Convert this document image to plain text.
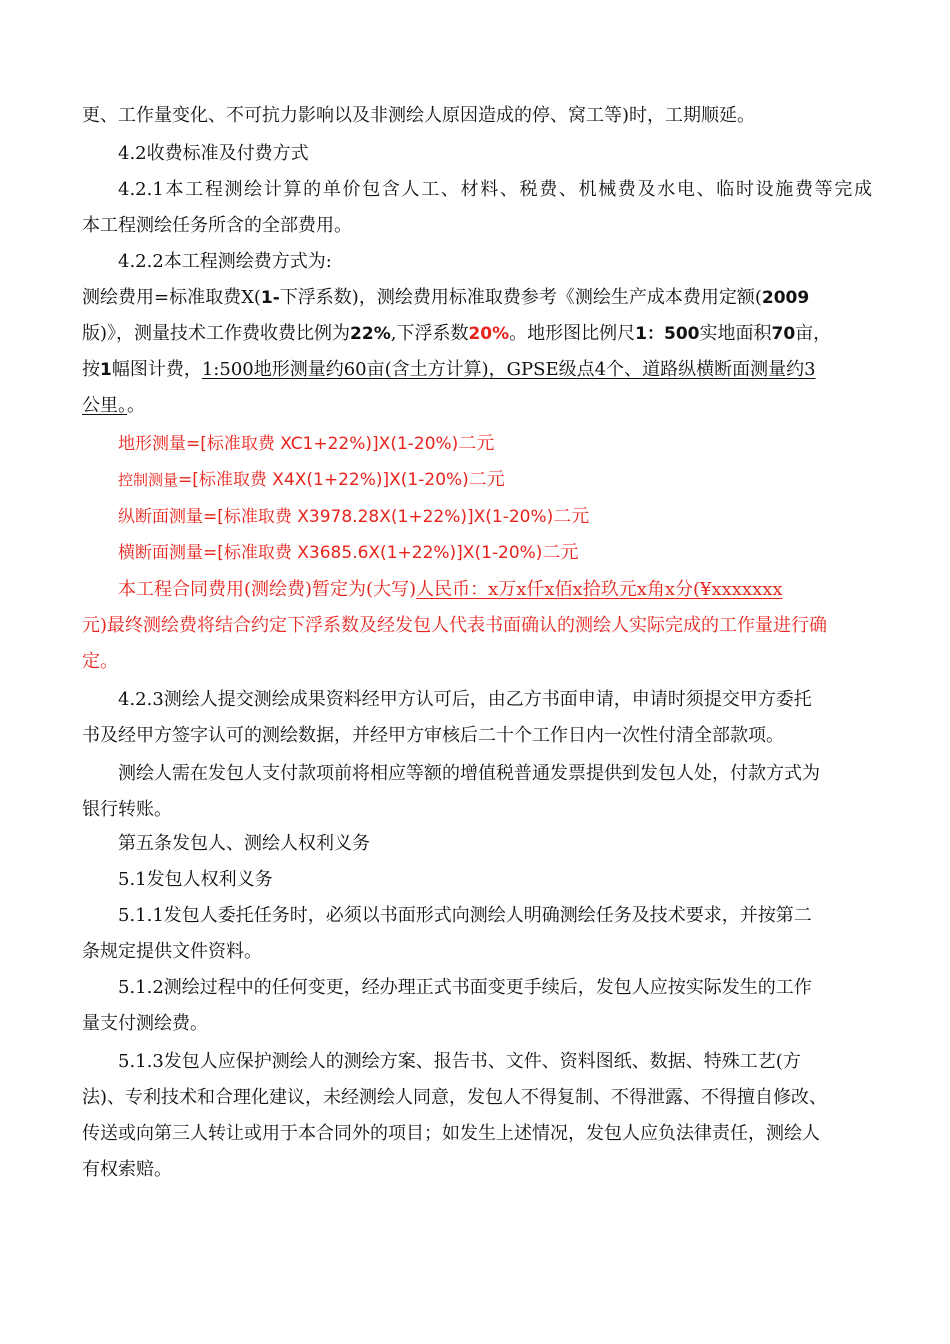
更、工作量变化、不可抗力影响以及非测绘人原因造成的停、窝工等)时，工期顺延。
4.2收费标准及付费方式
4.2.1本工程测绘计算的单价包含人工、材料、税费、机械费及水电、临时设施费等完成
本工程测绘任务所含的全部费用。
4.2.2本工程测绘费方式为:
测绘费用=标准取费X(1-下浮系数)，测绘费用标准取费参考《测绘生产成本费用定额(2009
版)》，测量技术工作费收费比例为22%,下浮系数20%。地形图比例尺1：500实地面积70亩，
按1幅图计费，1:500地形测量约60亩(含土方计算)，GPSE级点4个、道路纵横断面测量约3
公里。。
地形测量=[标准取费 XC1+22%)]X(1-20%)二元
控制测量=[标准取费 X4X(1+22%)]X(1-20%)二元
纵断面测量=[标准取费 X3978.28X(1+22%)]X(1-20%)二元
横断面测量=[标准取费 X3685.6X(1+22%)]X(1-20%)二元
本工程合同费用(测绘费)暂定为(大写)人民币：x万x仟x佰x拾玖元x角x分(¥xxxxxxx
元)最终测绘费将结合约定下浮系数及经发包人代表书面确认的测绘人实际完成的工作量进行确
定。
4.2.3测绘人提交测绘成果资料经甲方认可后，由乙方书面申请，申请时须提交甲方委托
书及经甲方签字认可的测绘数据，并经甲方审核后二十个工作日内一次性付清全部款项。
测绘人需在发包人支付款项前将相应等额的增值税普通发票提供到发包人处，付款方式为
银行转账。
第五条发包人、测绘人权利义务
5.1发包人权利义务
5.1.1发包人委托任务时，必须以书面形式向测绘人明确测绘任务及技术要求，并按第二
条规定提供文件资料。
5.1.2测绘过程中的任何变更，经办理正式书面变更手续后，发包人应按实际发生的工作
量支付测绘费。
5.1.3发包人应保护测绘人的测绘方案、报告书、文件、资料图纸、数据、特殊工艺(方
法)、专利技术和合理化建议，未经测绘人同意，发包人不得复制、不得泄露、不得擅自修改、
传送或向第三人转让或用于本合同外的项目；如发生上述情况，发包人应负法律责任，测绘人
有权索赔。
